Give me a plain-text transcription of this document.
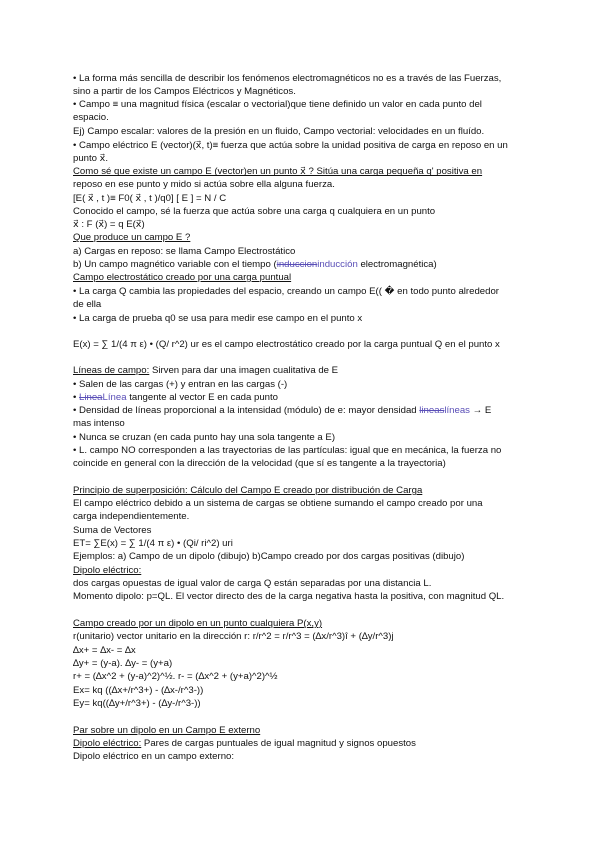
• La forma más sencilla de describir los fenómenos electromagnéticos no es a través de las Fuerzas,
sino a partir de los Campos Eléctricos y Magnéticos.
• Campo ≡ una magnitud física (escalar o vectorial)que tiene definido un valor en cada punto del
espacio.
Ej) Campo escalar: valores de la presión en un fluido, Campo vectorial: velocidades en un fluído.
• Campo eléctrico E (vector)(x⃗, t)≡ fuerza que actúa sobre la unidad positiva de carga en reposo en un
punto x⃗.
Como sé que existe un campo E (vector)en un punto x⃗ ? Sitúa una carga pequeña q' positiva en
reposo en ese punto y mido si actúa sobre ella alguna fuerza.
[E( x⃗ , t )≡ F0( x⃗ , t )/q0] [ E ] = N / C
Conocido el campo, sé la fuerza que actúa sobre una carga q cualquiera en un punto
x⃗ : F (x⃗) = q E(x⃗)
Que produce un campo E ?
a) Cargas en reposo: se llama Campo Electrostático
b) Un campo magnético variable con el tiempo (induccioninducción electromagnética)
Campo electrostático creado por una carga puntual
• La carga Q cambia las propiedades del espacio, creando un campo E(( � en todo punto alrededor
de ella
• La carga de prueba q0 se usa para medir ese campo en el punto x
E(x) = ∑ 1/(4 π ε) • (Q/ r^2) ur es el campo electrostático creado por la carga puntual Q en el punto x
Líneas de campo: Sirven para dar una imagen cualitativa de E
• Salen de las cargas (+) y entran en las cargas (-)
• LineaLínea tangente al vector E en cada punto
• Densidad de líneas proporcional a la intensidad (módulo) de e: mayor densidad lineaslíneas → E
mas intenso
• Nunca se cruzan (en cada punto hay una sola tangente a E)
• L. campo NO corresponden a las trayectorias de las partículas: igual que en mecánica, la fuerza no
coincide en general con la dirección de la velocidad (que sí es tangente a la trayectoria)
Principio de superposición: Cálculo del Campo E creado por distribución de Carga
El campo eléctrico debido a un sistema de cargas se obtiene sumando el campo creado por una
carga independientemente.
Suma de Vectores
ET= ∑E(x) = ∑ 1/(4 π ε) • (Qi/ ri^2) uri
Ejemplos: a) Campo de un dipolo (dibujo) b)Campo creado por dos cargas positivas (dibujo)
Dipolo eléctrico:
dos cargas opuestas de igual valor de carga Q están separadas por una distancia L.
Momento dipolo: p=QL. El vector directo des de la carga negativa hasta la positiva, con magnitud QL.
Campo creado por un dipolo en un punto cualquiera P(x,y)
r(unitario) vector unitario en la dirección r: r/r^2 = r/r^3 = (∆x/r^3)î + (∆y/r^3)j
∆x+ = ∆x- = ∆x
∆y+ = (y-a). ∆y- = (y+a)
r+ = (∆x^2 + (y-a)^2)^½. r- = (∆x^2 + (y+a)^2)^½
Ex= kq ((∆x+/r^3+) - (∆x-/r^3-))
Ey= kq((∆y+/r^3+) - (∆y-/r^3-))
Par sobre un dipolo en un Campo E externo
Dipolo eléctrico: Pares de cargas puntuales de igual magnitud y signos opuestos
Dipolo eléctrico en un campo externo:
